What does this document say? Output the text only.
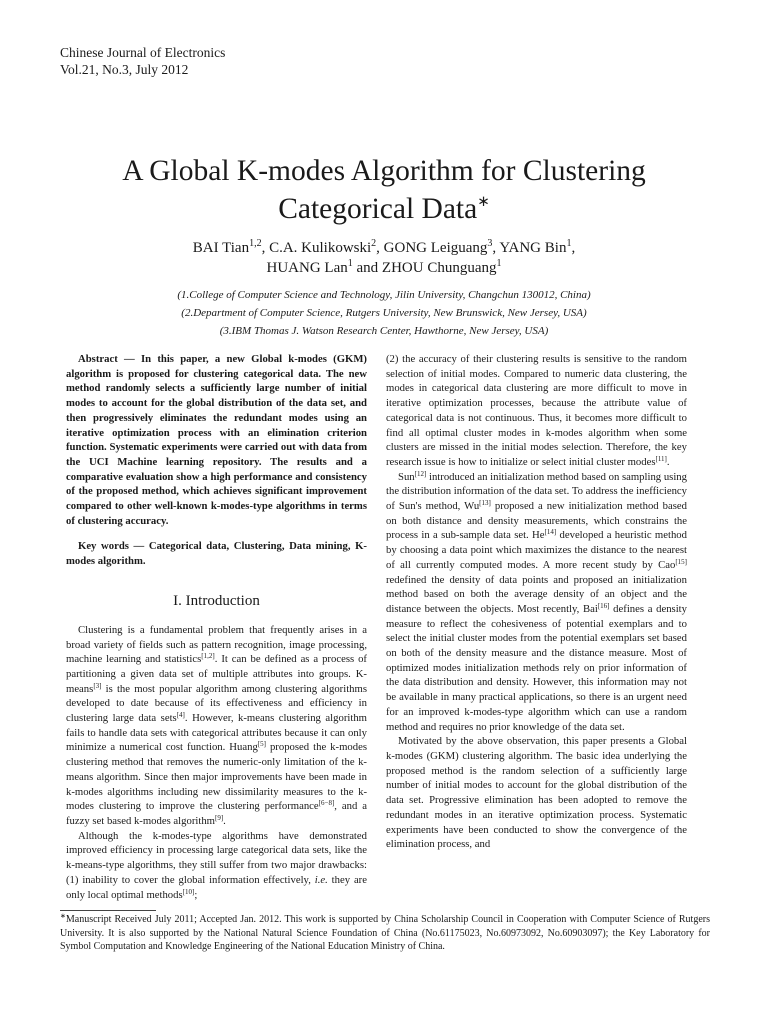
Chinese Journal of Electronics
Vol.21, No.3, July 2012
A Global K-modes Algorithm for Clustering
Categorical Data∗
BAI Tian$^{1,2}$, C.A. Kulikowski$^2$, GONG Leiguang$^3$, YANG Bin$^1$,
HUANG Lan$^1$ and ZHOU Chunguang$^1$
(1.College of Computer Science and Technology, Jilin University, Changchun 130012, China)
(2.Department of Computer Science, Rutgers University, New Brunswick, New Jersey, USA)
(3.IBM Thomas J. Watson Research Center, Hawthorne, New Jersey, USA)
Abstract — In this paper, a new Global k-modes (GKM) algorithm is proposed for clustering categorical data. The new method randomly selects a sufficiently large number of initial modes to account for the global distribution of the data set, and then progressively eliminates the redundant modes using an iterative optimization process with an elimination criterion function. Systematic experiments were carried out with data from the UCI Machine learning repository. The results and a comparative evaluation show a high performance and consistency of the proposed method, which achieves significant improvement compared to other well-known k-modes-type algorithms in terms of clustering accuracy.
Key words — Categorical data, Clustering, Data mining, K-modes algorithm.
I. Introduction

Clustering is a fundamental problem that frequently arises in a broad variety of fields such as pattern recognition, image processing, machine learning and statistics[1,2]. It can be defined as a process of partitioning a given data set of multiple attributes into groups. K-means[3] is the most popular algorithm among clustering algorithms developed to date because of its effectiveness and efficiency in clustering large data sets[4]. However, k-means clustering algorithm fails to handle data sets with categorical attributes because it can only minimize a numerical cost function. Huang[5] proposed the k-modes clustering method that removes the numeric-only limitation of the k-means algorithm. Since then major improvements have been made in k-modes algorithms including new dissimilarity measures to the k-modes clustering to improve the clustering performance[6−8], and a fuzzy set based k-modes algorithm[9].

Although the k-modes-type algorithms have demonstrated improved efficiency in processing large categorical data sets, like the k-means-type algorithms, they still suffer from two major drawbacks: (1) inability to cover the global information effectively, i.e. they are only local optimal methods[10];

(2) the accuracy of their clustering results is sensitive to the random selection of initial modes. Compared to numeric data clustering, the modes in categorical data clustering are more difficult to move in iterative optimization processes, because the attribute value of categorical data is not continuous. Thus, it becomes more difficult to find all optimal cluster modes in k-modes algorithm when some clusters are missed in the initial modes selection. Therefore, the key research issue is how to initialize or select initial cluster modes[11].

Sun[12] introduced an initialization method based on sampling using the distribution information of the data set. To address the inefficiency of Sun's method, Wu[13] proposed a new initialization method based on both distance and density measurements, which constrains the process in a sub-sample data set. He[14] developed a heuristic method by choosing a data point which maximizes the distance to the nearest of all currently computed modes. A more recent study by Cao[15] redefined the density of data points and proposed an initialization method based on both the average density of an object and the distance between the objects. Most recently, Bai[16] defines a density measure to reflect the cohesiveness of potential exemplars and to select the initial cluster modes from the potential exemplars set based on both of the density measure and the distance measure. Most of optimized modes initialization methods rely on prior information of the data distribution and density. However, this information may not be available in many practical applications, so there is an urgent need for an improved k-modes-type algorithm which can use a random method and requires no prior knowledge of the data set.

Motivated by the above observation, this paper presents a Global k-modes (GKM) clustering algorithm. The basic idea underlying the proposed method is the random selection of a sufficiently large number of initial modes to account for the global distribution of the data set. Progressive elimination has been adopted to remove the redundant modes in an iterative optimization process. Systematic experiments have been conducted to show the convergence of the elimination process, and

∗Manuscript Received July 2011; Accepted Jan. 2012. This work is supported by China Scholarship Council in Cooperation with Computer Science of Rutgers University. It is also supported by the National Natural Science Foundation of China (No.61175023, No.60973092, No.60903097); the Key Laboratory for Symbol Computation and Knowledge Engineering of the National Education Ministry of China.
